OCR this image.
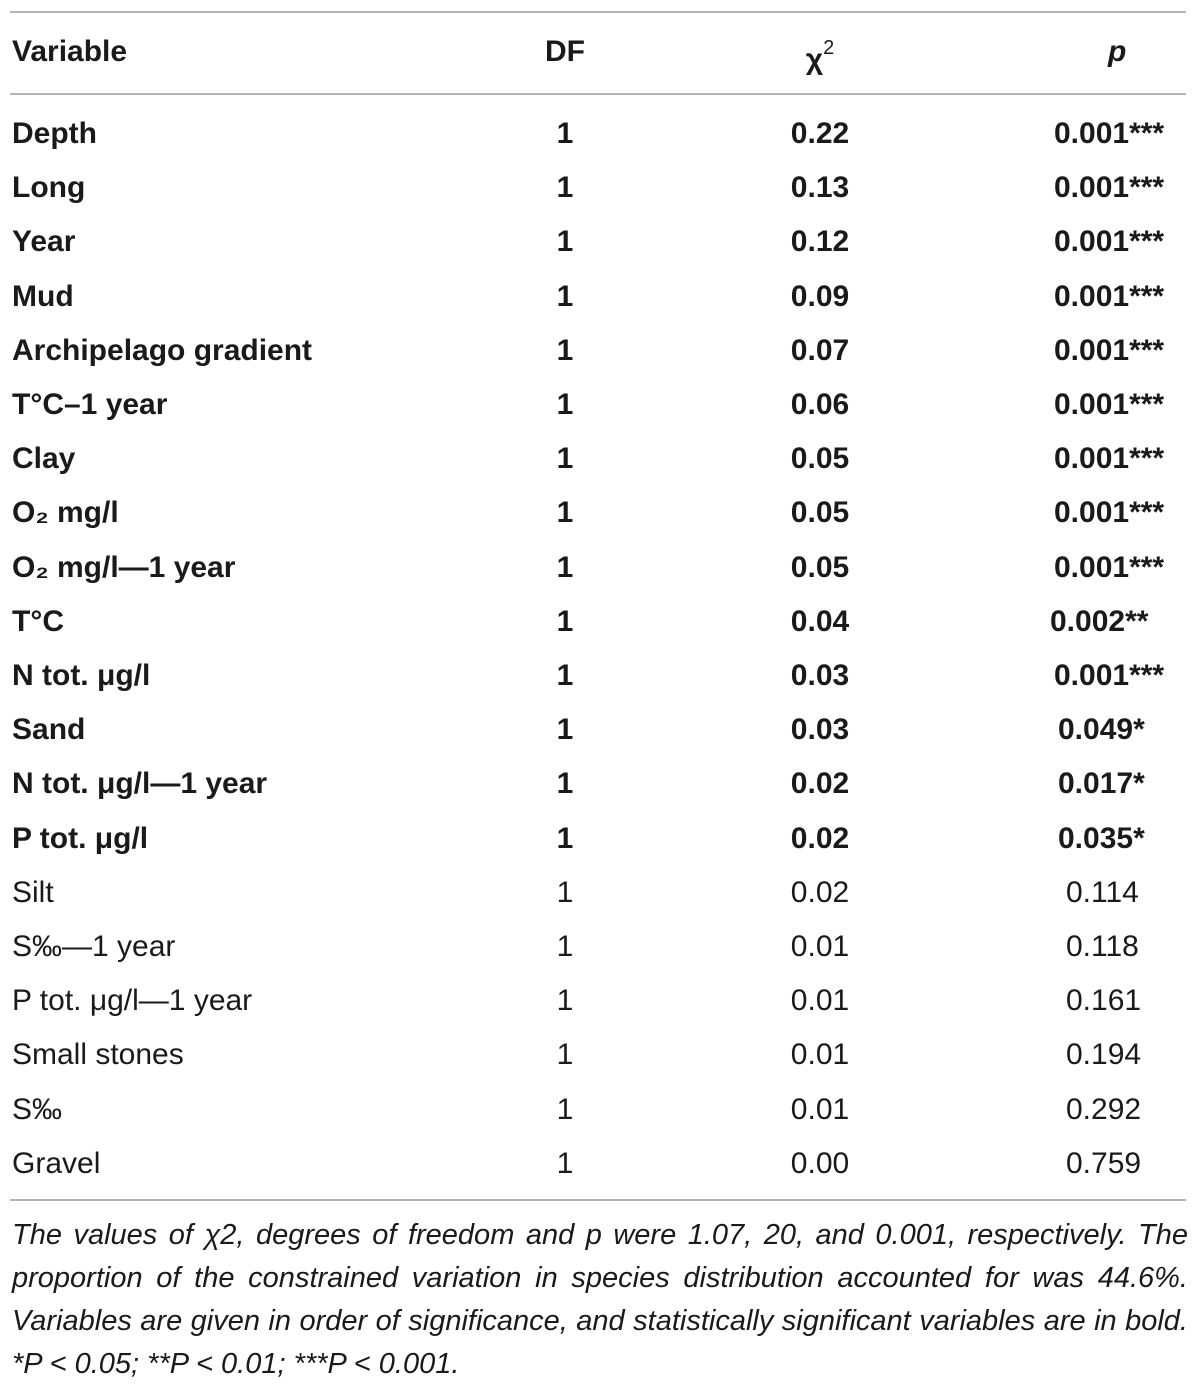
Variable	DF	$\chi^2$	p
Depth	1	0.22	0.001***
Long	1	0.13	0.001***
Year	1	0.12	0.001***
Mud	1	0.09	0.001***
Archipelago gradient	1	0.07	0.001***
T°C–1 year	1	0.06	0.001***
Clay	1	0.05	0.001***
O₂ mg/l	1	0.05	0.001***
O₂ mg/l—1 year	1	0.05	0.001***
T°C	1	0.04	0.002**
N tot. μg/l	1	0.03	0.001***
Sand	1	0.03	0.049*
N tot. μg/l—1 year	1	0.02	0.017*
P tot. μg/l	1	0.02	0.035*
Silt	1	0.02	0.114
S‰—1 year	1	0.01	0.118
P tot. μg/l—1 year	1	0.01	0.161
Small stones	1	0.01	0.194
S‰	1	0.01	0.292
Gravel	1	0.00	0.759
The values of χ2, degrees of freedom and p were 1.07, 20, and 0.001, respectively. The proportion of the constrained variation in species distribution accounted for was 44.6%. Variables are given in order of significance, and statistically significant variables are in bold. *P < 0.05; **P < 0.01; ***P < 0.001.
